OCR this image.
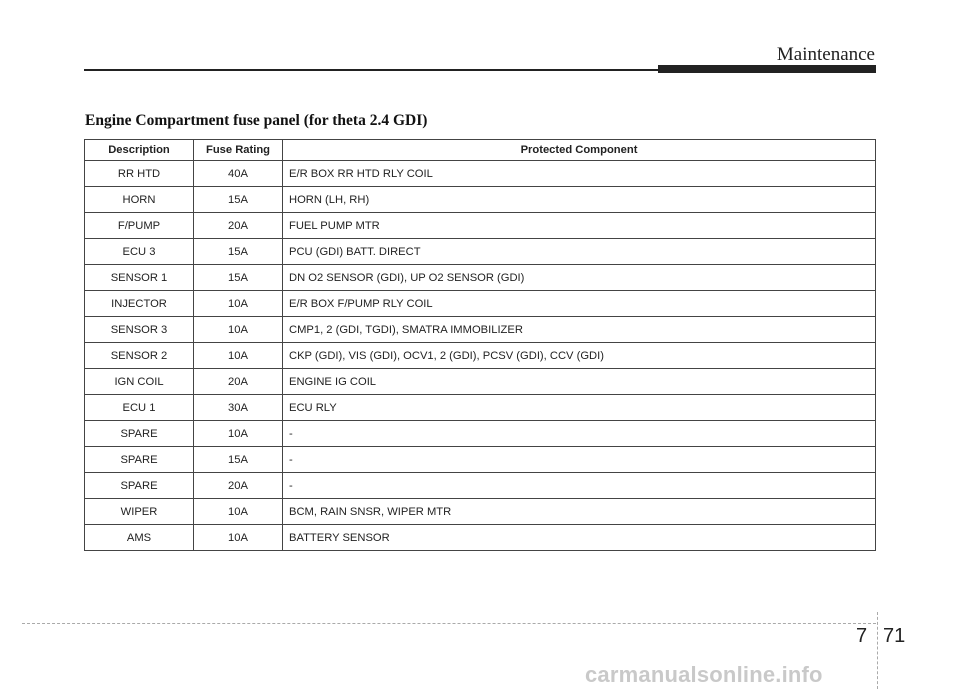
Maintenance
Engine Compartment fuse panel (for theta 2.4 GDI)
Description	Fuse Rating	Protected Component
RR HTD	40A	E/R BOX RR HTD RLY COIL
HORN	15A	HORN (LH, RH)
F/PUMP	20A	FUEL PUMP MTR
ECU 3	15A	PCU (GDI) BATT. DIRECT
SENSOR 1	15A	DN O2 SENSOR (GDI), UP O2 SENSOR (GDI)
INJECTOR	10A	E/R BOX F/PUMP RLY COIL
SENSOR 3	10A	CMP1, 2 (GDI, TGDI), SMATRA IMMOBILIZER
SENSOR 2	10A	CKP (GDI), VIS (GDI), OCV1, 2 (GDI), PCSV (GDI), CCV (GDI)
IGN COIL	20A	ENGINE IG COIL
ECU 1	30A	ECU RLY
SPARE	10A	-
SPARE	15A	-
SPARE	20A	-
WIPER	10A	BCM, RAIN SNSR, WIPER MTR
AMS	10A	BATTERY SENSOR
7 71
carmanualsonline.info
